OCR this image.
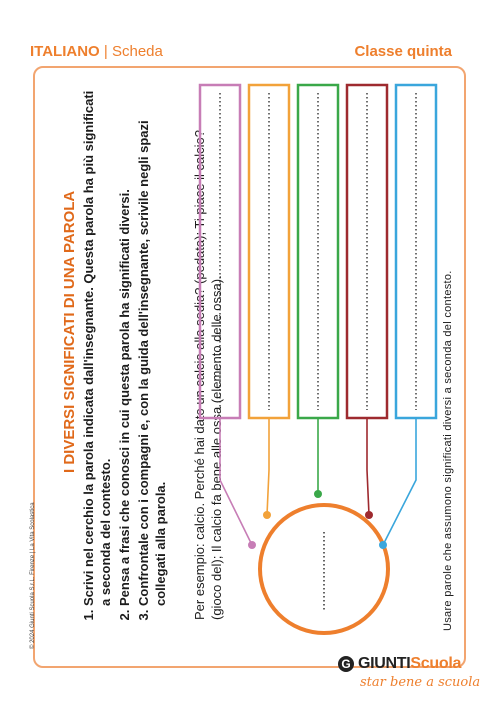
ITALIANO | Scheda	Classe quinta
© 2024 Giunti Scuola S.r.L. Firenze | La Vita Scolastica
I DIVERSI SIGNIFICATI DI UNA PAROLA 1. Scrivi nel cerchio la parola indicata dall'insegnante. Questa parola ha più significati a seconda del contesto. 2. Pensa a frasi che conosci in cui questa parola ha significati diversi. 3. Confrontale con i compagni e, con la guida dell'insegnante, scrivile negli spazi collegati alla parola. Per esempio: calcio. Perché hai dato un calcio alla sedia? (pedata); Ti piace il calcio? (gioco del); Il calcio fa bene alle ossa (elemento delle ossa).	Usare parole che assumono significati diversi a seconda del contesto.
G GIUNTIScuola
star bene a scuola
